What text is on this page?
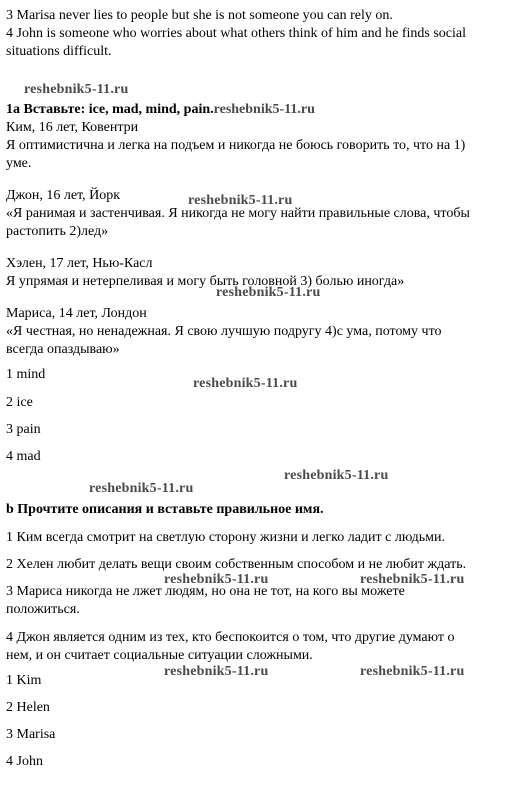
3 Marisa never lies to people but she is not someone you can rely on.
4 John is someone who worries about what others think of him and he finds social
situations difficult.
reshebnik5-11.ru
reshebnik5-11.ru
reshebnik5-11.ru
reshebnik5-11.ru
reshebnik5-11.ru
reshebnik5-11.ru
reshebnik5-11.ru	reshebnik5-11.ru
reshebnik5-11.ru	reshebnik5-11.ru
1a Вставьте: ice, mad, mind, pain.reshebnik5-11.ru
Ким, 16 лет, Ковентри
Я оптимистична и легка на подъем и никогда не боюсь говорить то, что на 1)
уме.
Джон, 16 лет, Йорк
«Я ранимая и застенчивая. Я никогда не могу найти правильные слова, чтобы
растопить 2)лед»
Хэлен, 17 лет, Нью-Касл
Я упрямая и нетерпеливая и могу быть головной 3) болью иногда»
Мариса, 14 лет, Лондон
«Я честная, но ненадежная. Я свою лучшую подругу 4)с ума, потому что
всегда опаздываю»
1 mind
2 ice
3 pain
4 mad
b Прочтите описания и вставьте правильное имя.
1 Ким всегда смотрит на светлую сторону жизни и легко ладит с людьми.
2 Хелен любит делать вещи своим собственным способом и не любит ждать.
3 Мариса никогда не лжет людям, но она не тот, на кого вы можете
положиться.
4 Джон является одним из тех, кто беспокоится о том, что другие думают о
нем, и он считает социальные ситуации сложными.
1 Kim
2 Helen
3 Marisa
4 John
